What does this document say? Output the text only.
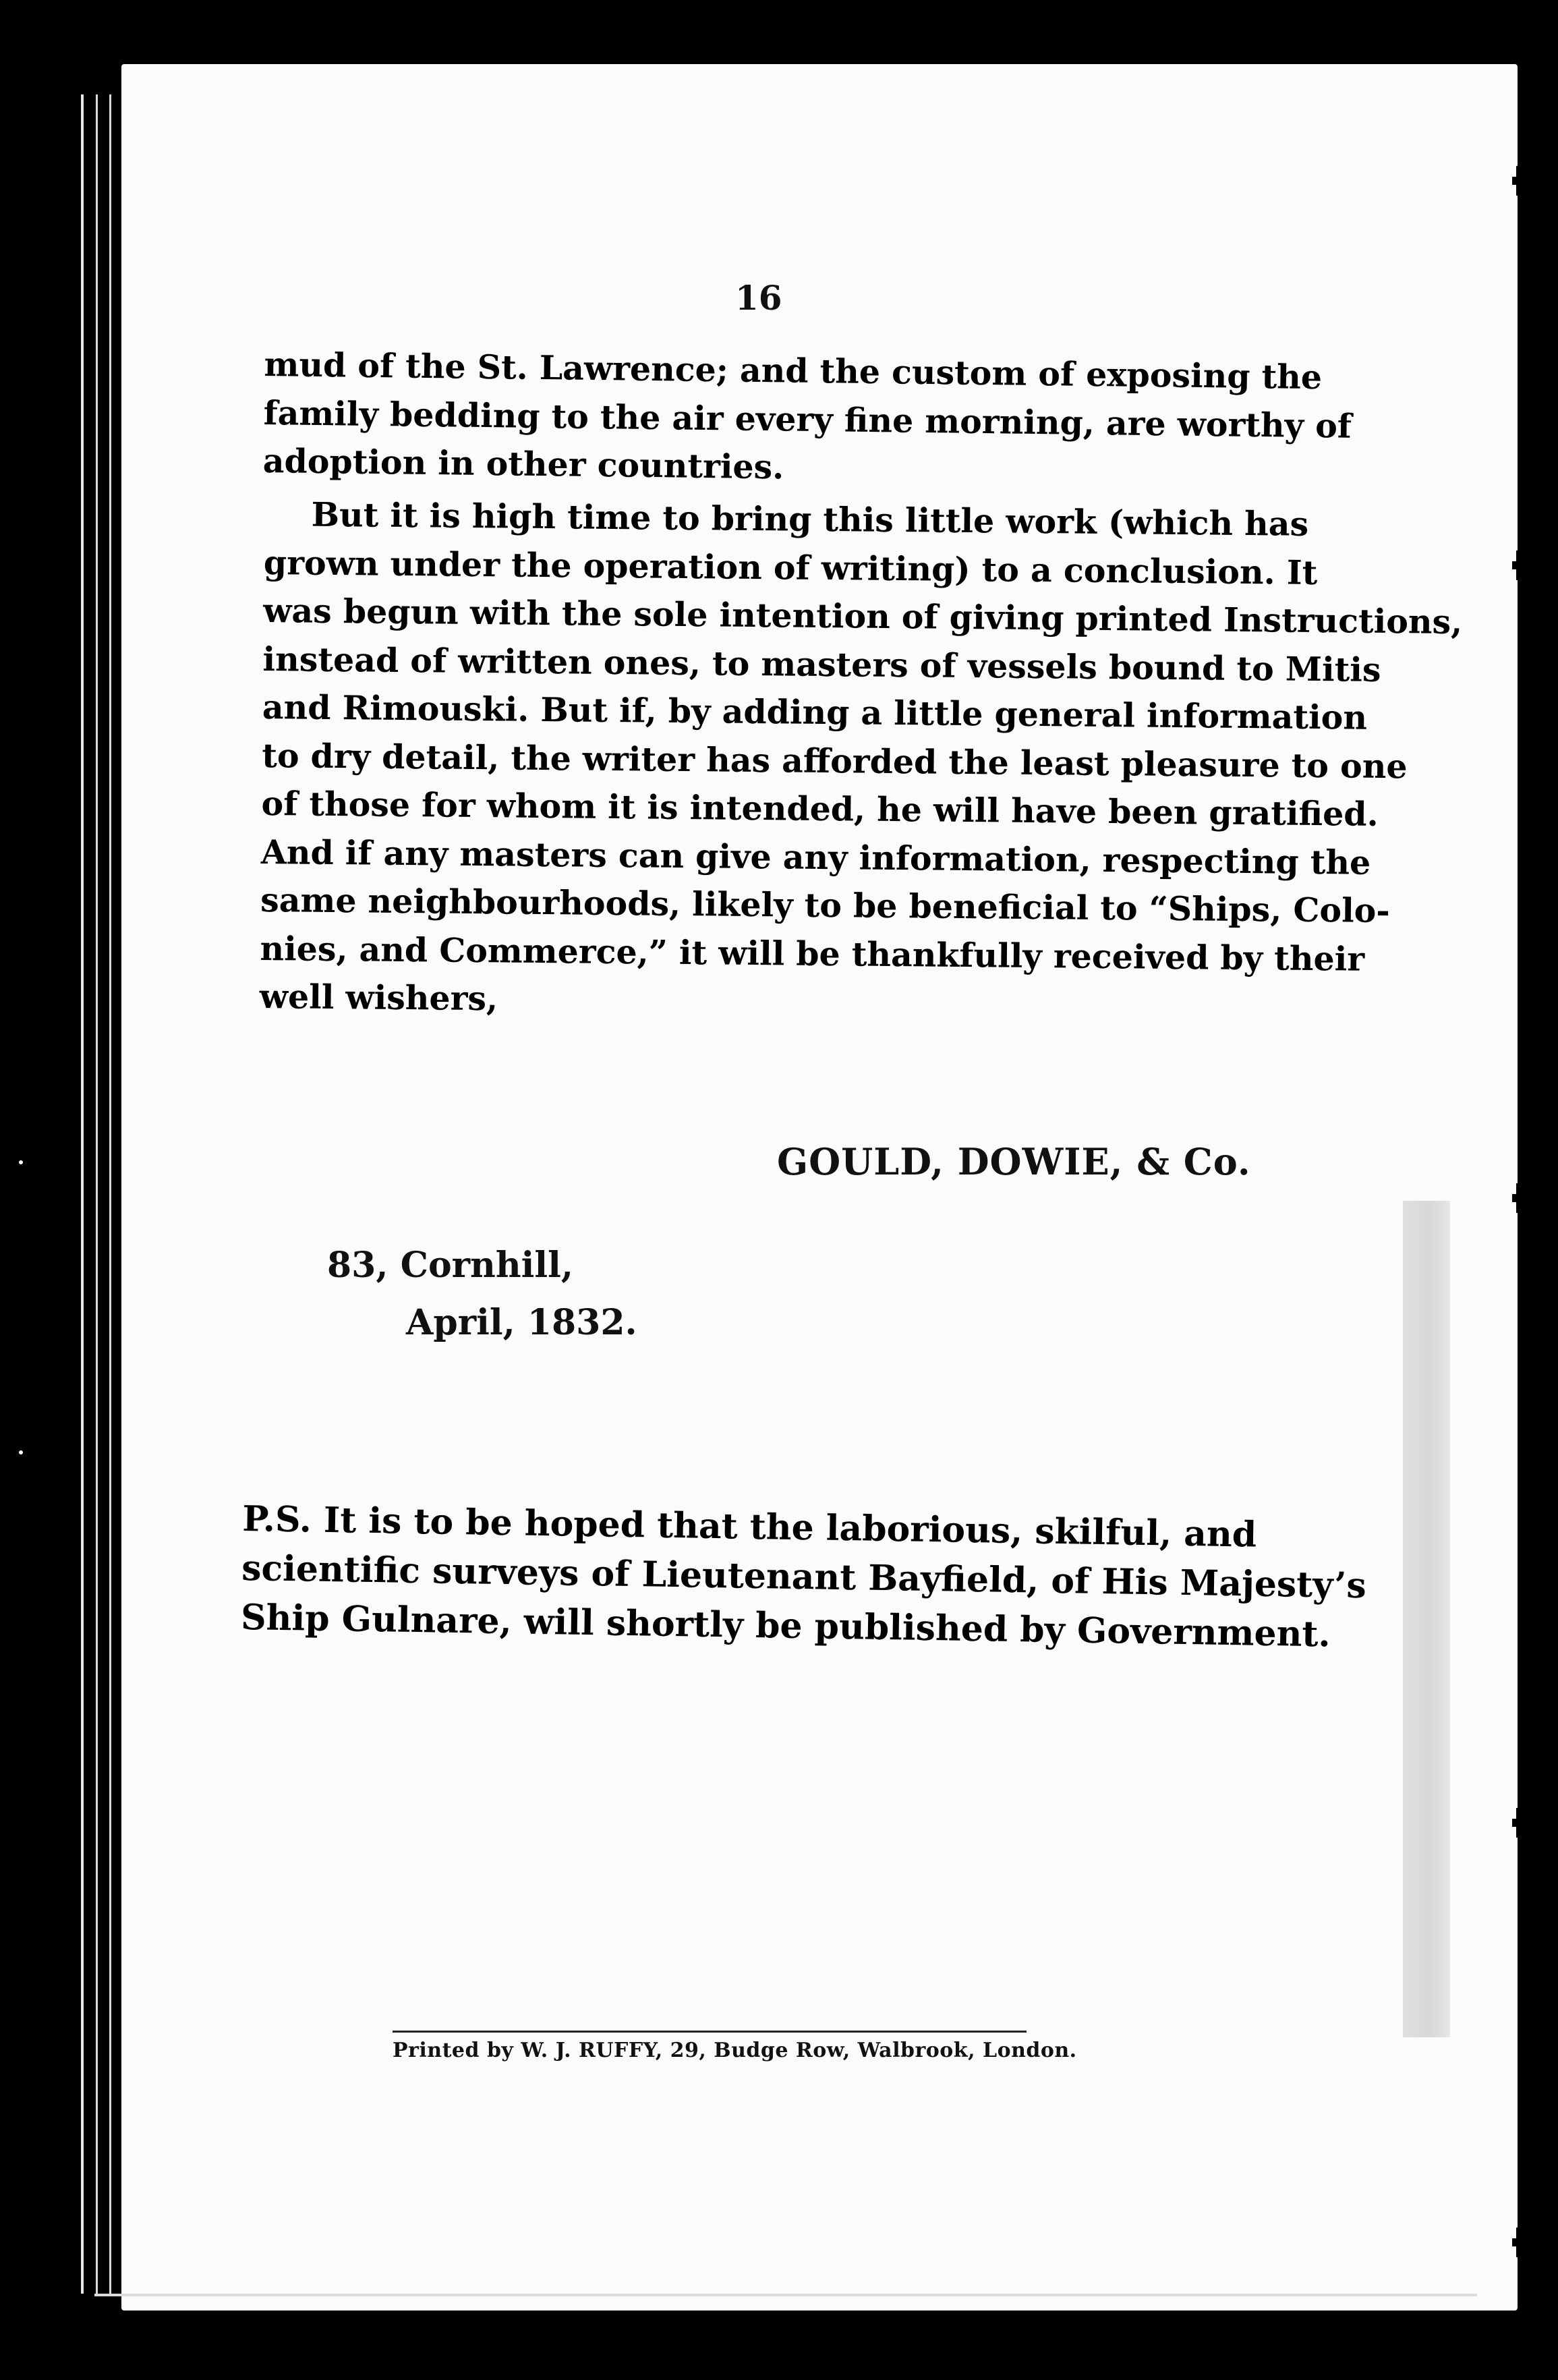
16
mud of the St. Lawrence; and the custom of exposing the
family bedding to the air every fine morning, are worthy of
adoption in other countries.
But it is high time to bring this little work (which has
grown under the operation of writing) to a conclusion. It
was begun with the sole intention of giving printed Instructions,
instead of written ones, to masters of vessels bound to Mitis
and Rimouski. But if, by adding a little general information
to dry detail, the writer has afforded the least pleasure to one
of those for whom it is intended, he will have been gratified.
And if any masters can give any information, respecting the
same neighbourhoods, likely to be beneficial to “Ships, Colo-
nies, and Commerce,” it will be thankfully received by their
well wishers,
GOULD, DOWIE, & Co.
83, Cornhill,
April, 1832.
P.S. It is to be hoped that the laborious, skilful, and
scientific surveys of Lieutenant Bayfield, of His Majesty’s
Ship Gulnare, will shortly be published by Government.
Printed by W. J. RUFFY, 29, Budge Row, Walbrook, London.
